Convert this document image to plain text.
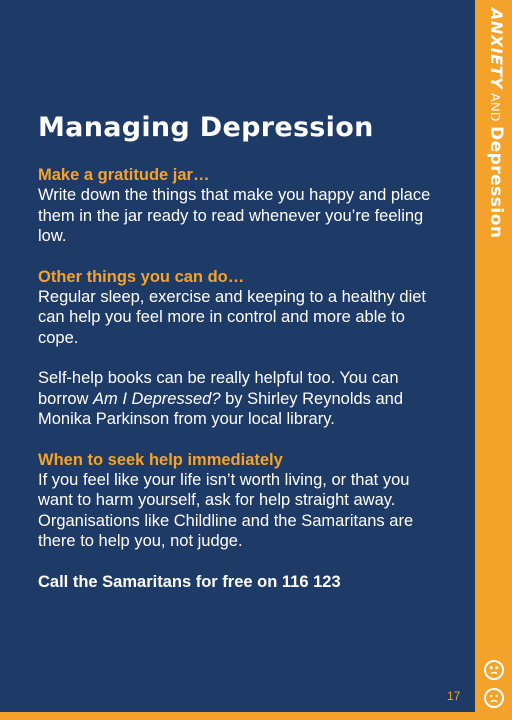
Managing Depression

Make a gratitude jar…

Write down the things that make you happy and place them in the jar ready to read whenever you’re feeling low.

Other things you can do…

Regular sleep, exercise and keeping to a healthy diet can help you feel more in control and more able to cope.

Self-help books can be really helpful too. You can borrow Am I Depressed? by Shirley Reynolds and Monika Parkinson from your local library.

When to seek help immediately

If you feel like your life isn’t worth living, or that you want to harm yourself, ask for help straight away. Organisations like Childline and the Samaritans are there to help you, not judge.

Call the Samaritans for free on 116 123

17
ANXIETYANDDepression
